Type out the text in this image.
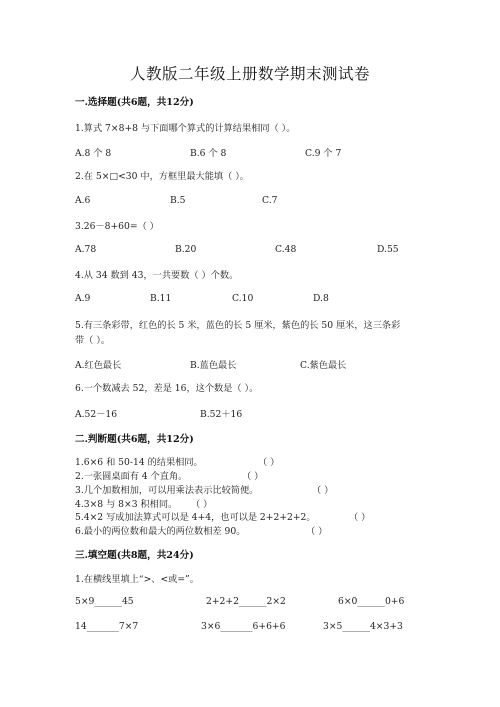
人教版二年级上册数学期末测试卷
一.选择题(共6题，共12分)
1.算式 7×8+8 与下面哪个算式的计算结果相同（ ）。
A.8 个 8	B.6 个 8	C.9 个 7
2.在 5×□<30 中，方框里最大能填（ ）。
A.6	B.5	C.7
3.26－8+60=（ ）
A.78	B.20	C.48	D.55
4.从 34 数到 43，一共要数（ ）个数。
A.9	B.11	C.10	D.8
5.有三条彩带，红色的长 5 米，蓝色的长 5 厘米，紫色的长 50 厘米，这三条彩
带（ ）。
A.红色最长	B.蓝色最长	C.紫色最长
6.一个数减去 52，差是 16，这个数是（ ）。
A.52－16	B.52＋16
二.判断题(共6题，共12分)
1.6×6 和 50-14 的结果相同。	（ ）
2.一张圆桌面有 4 个直角。	（ ）
3.几个加数相加，可以用乘法表示比较简便。	（ ）
4.3×8 与 8×3 积相同。 （ ）
5.4×2 写成加法算式可以是 4+4，也可以是 2+2+2+2。	（ ）
6.最小的两位数和最大的两位数相差 90。	（ ）
三.填空题(共8题，共24分)
1.在横线里填上“>、<或=”。
5×9______45	2+2+2______2×2	6×0______0+6
14_______7×7	3×6_______6+6+6	3×5______4×3+3
